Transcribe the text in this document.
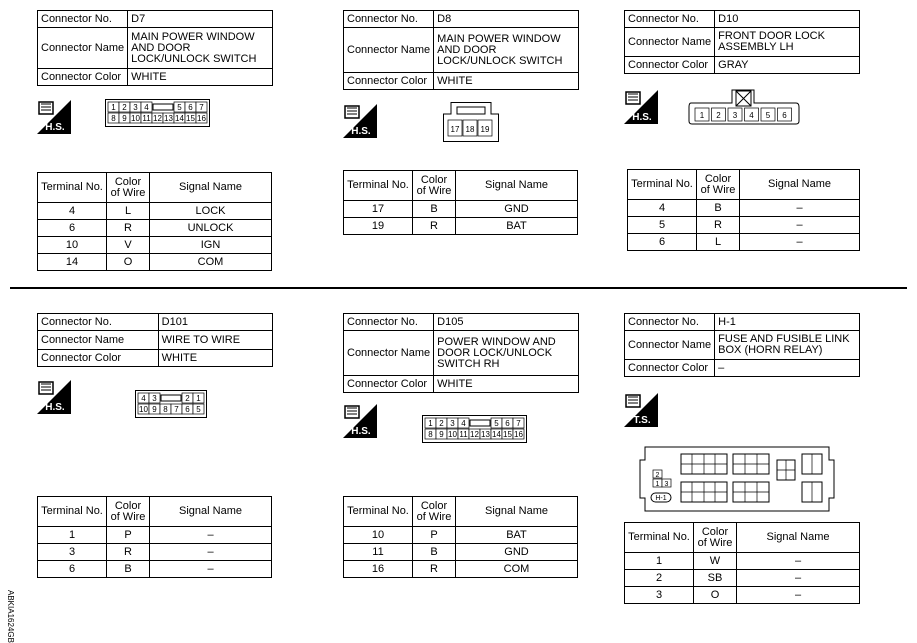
Connector No.	D7
Connector Name	MAIN POWER WINDOW AND DOOR LOCK/UNLOCK SWITCH
Connector Color	WHITE
H.S.
1 2 3 4	5 6 7
8 9 10 11 12 13 14 15 16
Terminal No.	Color of Wire	Signal Name
4	L	LOCK
6	R	UNLOCK
10	V	IGN
14	O	COM
Connector No.	D8
Connector Name	MAIN POWER WINDOW AND DOOR LOCK/UNLOCK SWITCH
Connector Color	WHITE
H.S.	17 18 19
Terminal No.	Color of Wire	Signal Name
17	B	GND
19	R	BAT
Connector No.	D10
Connector Name	FRONT DOOR LOCK ASSEMBLY LH
Connector Color	GRAY
H.S.	1 2 3 4 5 6
Terminal No.	Color of Wire	Signal Name
4	B	–
5	R	–
6	L	–
Connector No.	D101
Connector Name	WIRE TO WIRE
Connector Color	WHITE
H.S.
4 3	2 1
10 9 8 7 6 5
Terminal No.	Color of Wire	Signal Name
1	P	–
3	R	–
6	B	–
Connector No.	D105
Connector Name	POWER WINDOW AND DOOR LOCK/UNLOCK SWITCH RH
Connector Color	WHITE
H.S.
1 2 3 4	5 6 7
8 9 10 11 12 13 14 15 16
Terminal No.	Color of Wire	Signal Name
10	P	BAT
11	B	GND
16	R	COM
Connector No.	H-1
Connector Name	FUSE AND FUSIBLE LINK BOX (HORN RELAY)
Connector Color	–
T.S.
2
1 3
H-1
Terminal No.	Color of Wire	Signal Name
1	W	–
2	SB	–
3	O	–
ABKIA1624GB
